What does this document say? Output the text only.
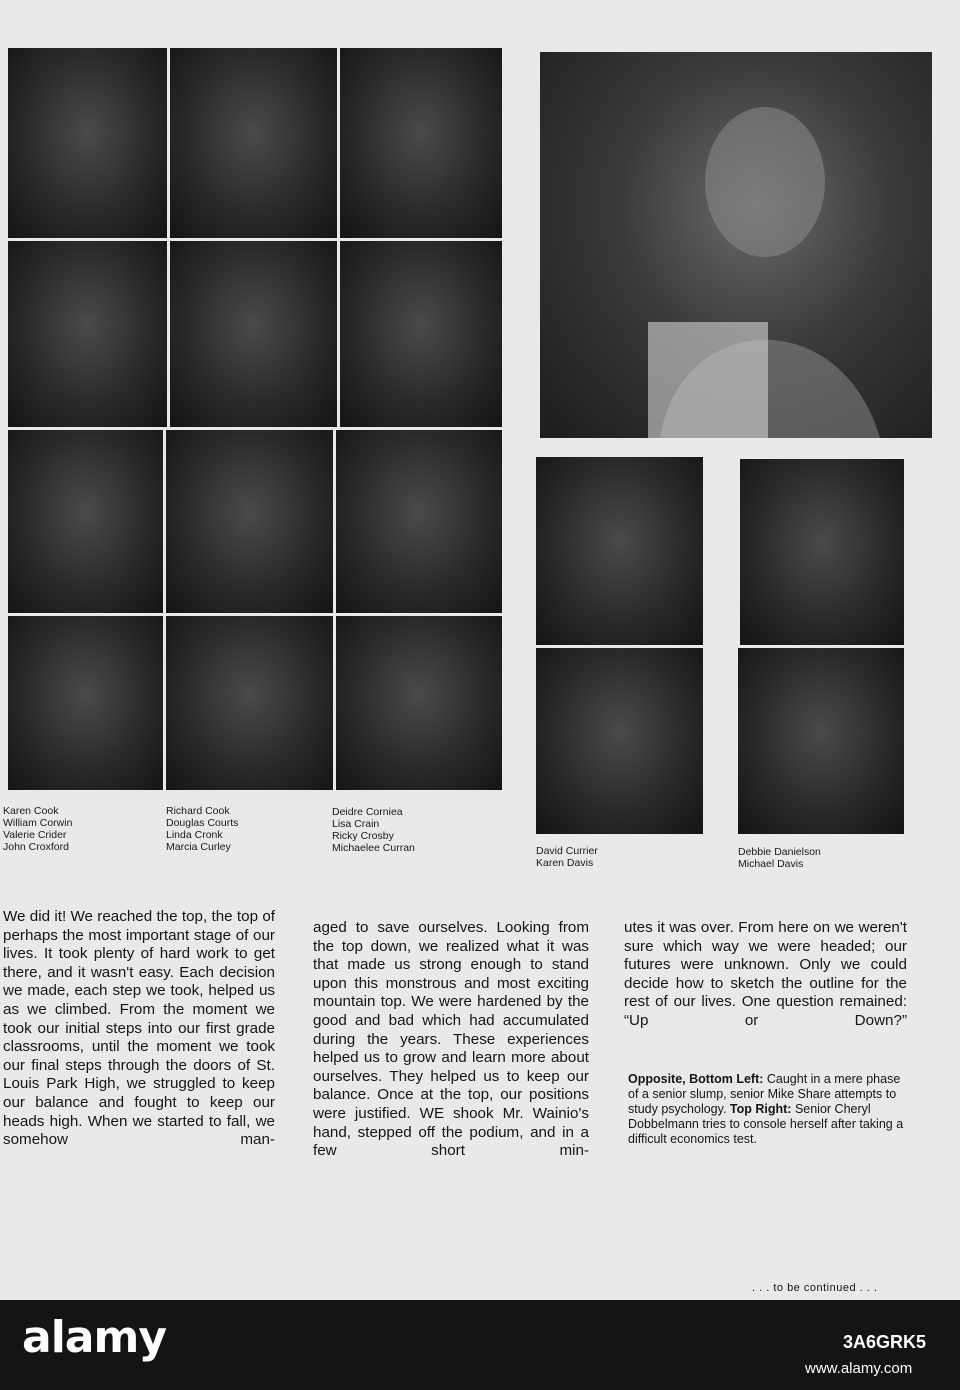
Karen Cook
William Corwin
Valerie Crider
John Croxford
Richard Cook
Douglas Courts
Linda Cronk
Marcia Curley
Deidre Corniea
Lisa Crain
Ricky Crosby
Michaelee Curran	David Currier
Karen Davis
Debbie Danielson
Michael Davis

We did it! We reached the top, the top of perhaps the most important stage of our lives. It took plenty of hard work to get there, and it wasn't easy. Each decision we made, each step we took, helped us as we climbed. From the moment we took our initial steps into our first grade classrooms, until the moment we took our final steps through the doors of St. Louis Park High, we struggled to keep our balance and fought to keep our heads high. When we started to fall, we somehow man-

aged to save ourselves. Looking from the top down, we realized what it was that made us strong enough to stand upon this monstrous and most exciting mountain top. We were hardened by the good and bad which had accumulated during the years. These experiences helped us to grow and learn more about ourselves. They helped us to keep our balance. Once at the top, our positions were justified. WE shook Mr. Wainio's hand, stepped off the podium, and in a few short min-

utes it was over. From here on we weren't sure which way we were headed; our futures were unknown. Only we could decide how to sketch the outline for the rest of our lives. One question remained: “Up or Down?”

Opposite, Bottom Left: Caught in a mere phase of a senior slump, senior Mike Share attempts to study psychology. Top Right: Senior Cheryl Dobbelmann tries to console herself after taking a difficult economics test.
. . . to be continued . . .
alamy	3A6GRK5
www.alamy.com
